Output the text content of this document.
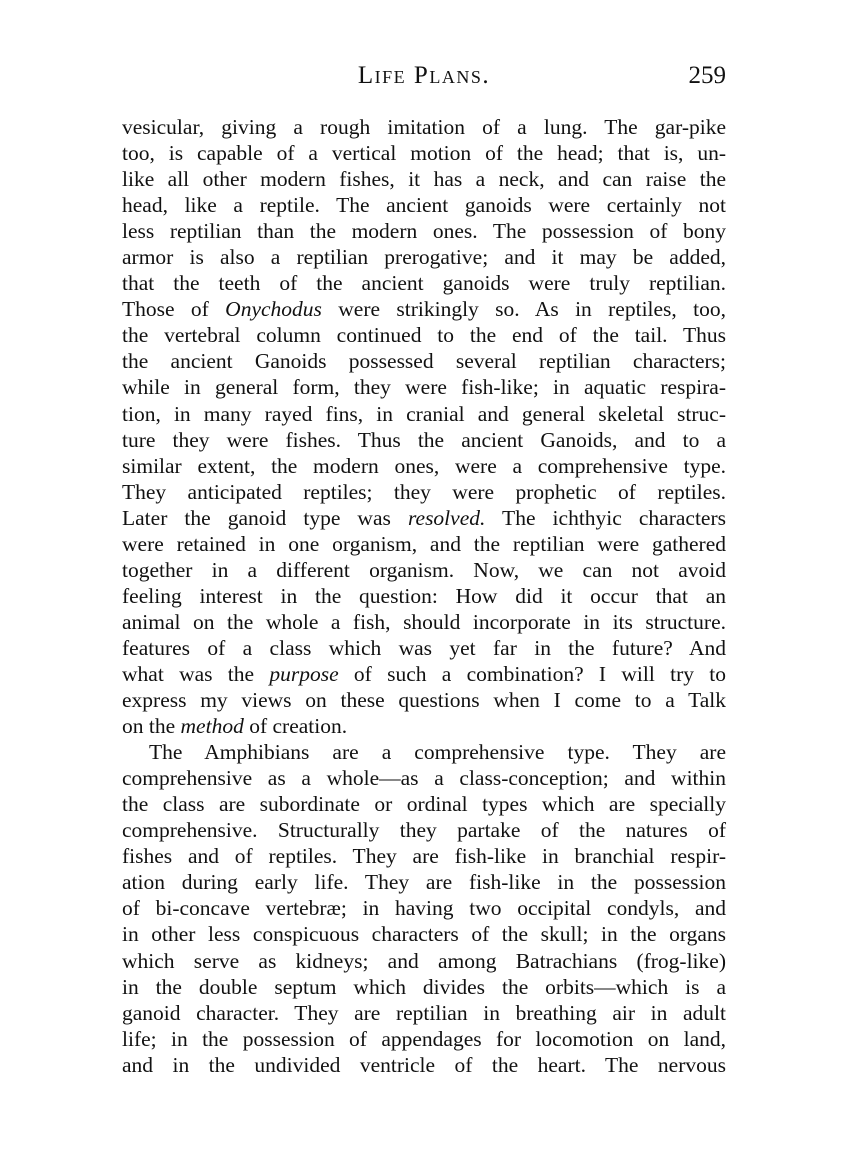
Life Plans.	259
vesicular, giving a rough imitation of a lung. The gar-pike
too, is capable of a vertical motion of the head; that is, un-
like all other modern fishes, it has a neck, and can raise the
head, like a reptile. The ancient ganoids were certainly not
less reptilian than the modern ones. The possession of bony
armor is also a reptilian prerogative; and it may be added,
that the teeth of the ancient ganoids were truly reptilian.
Those of Onychodus were strikingly so. As in reptiles, too,
the vertebral column continued to the end of the tail. Thus
the ancient Ganoids possessed several reptilian characters;
while in general form, they were fish-like; in aquatic respira-
tion, in many rayed fins, in cranial and general skeletal struc-
ture they were fishes. Thus the ancient Ganoids, and to a
similar extent, the modern ones, were a comprehensive type.
They anticipated reptiles; they were prophetic of reptiles.
Later the ganoid type was resolved. The ichthyic characters
were retained in one organism, and the reptilian were gathered
together in a different organism. Now, we can not avoid
feeling interest in the question: How did it occur that an
animal on the whole a fish, should incorporate in its structure.
features of a class which was yet far in the future? And
what was the purpose of such a combination? I will try to
express my views on these questions when I come to a Talk
on the method of creation.
The Amphibians are a comprehensive type. They are
comprehensive as a whole—as a class-conception; and within
the class are subordinate or ordinal types which are specially
comprehensive. Structurally they partake of the natures of
fishes and of reptiles. They are fish-like in branchial respir-
ation during early life. They are fish-like in the possession
of bi-concave vertebræ; in having two occipital condyls, and
in other less conspicuous characters of the skull; in the organs
which serve as kidneys; and among Batrachians (frog-like)
in the double septum which divides the orbits—which is a
ganoid character. They are reptilian in breathing air in adult
life; in the possession of appendages for locomotion on land,
and in the undivided ventricle of the heart. The nervous
